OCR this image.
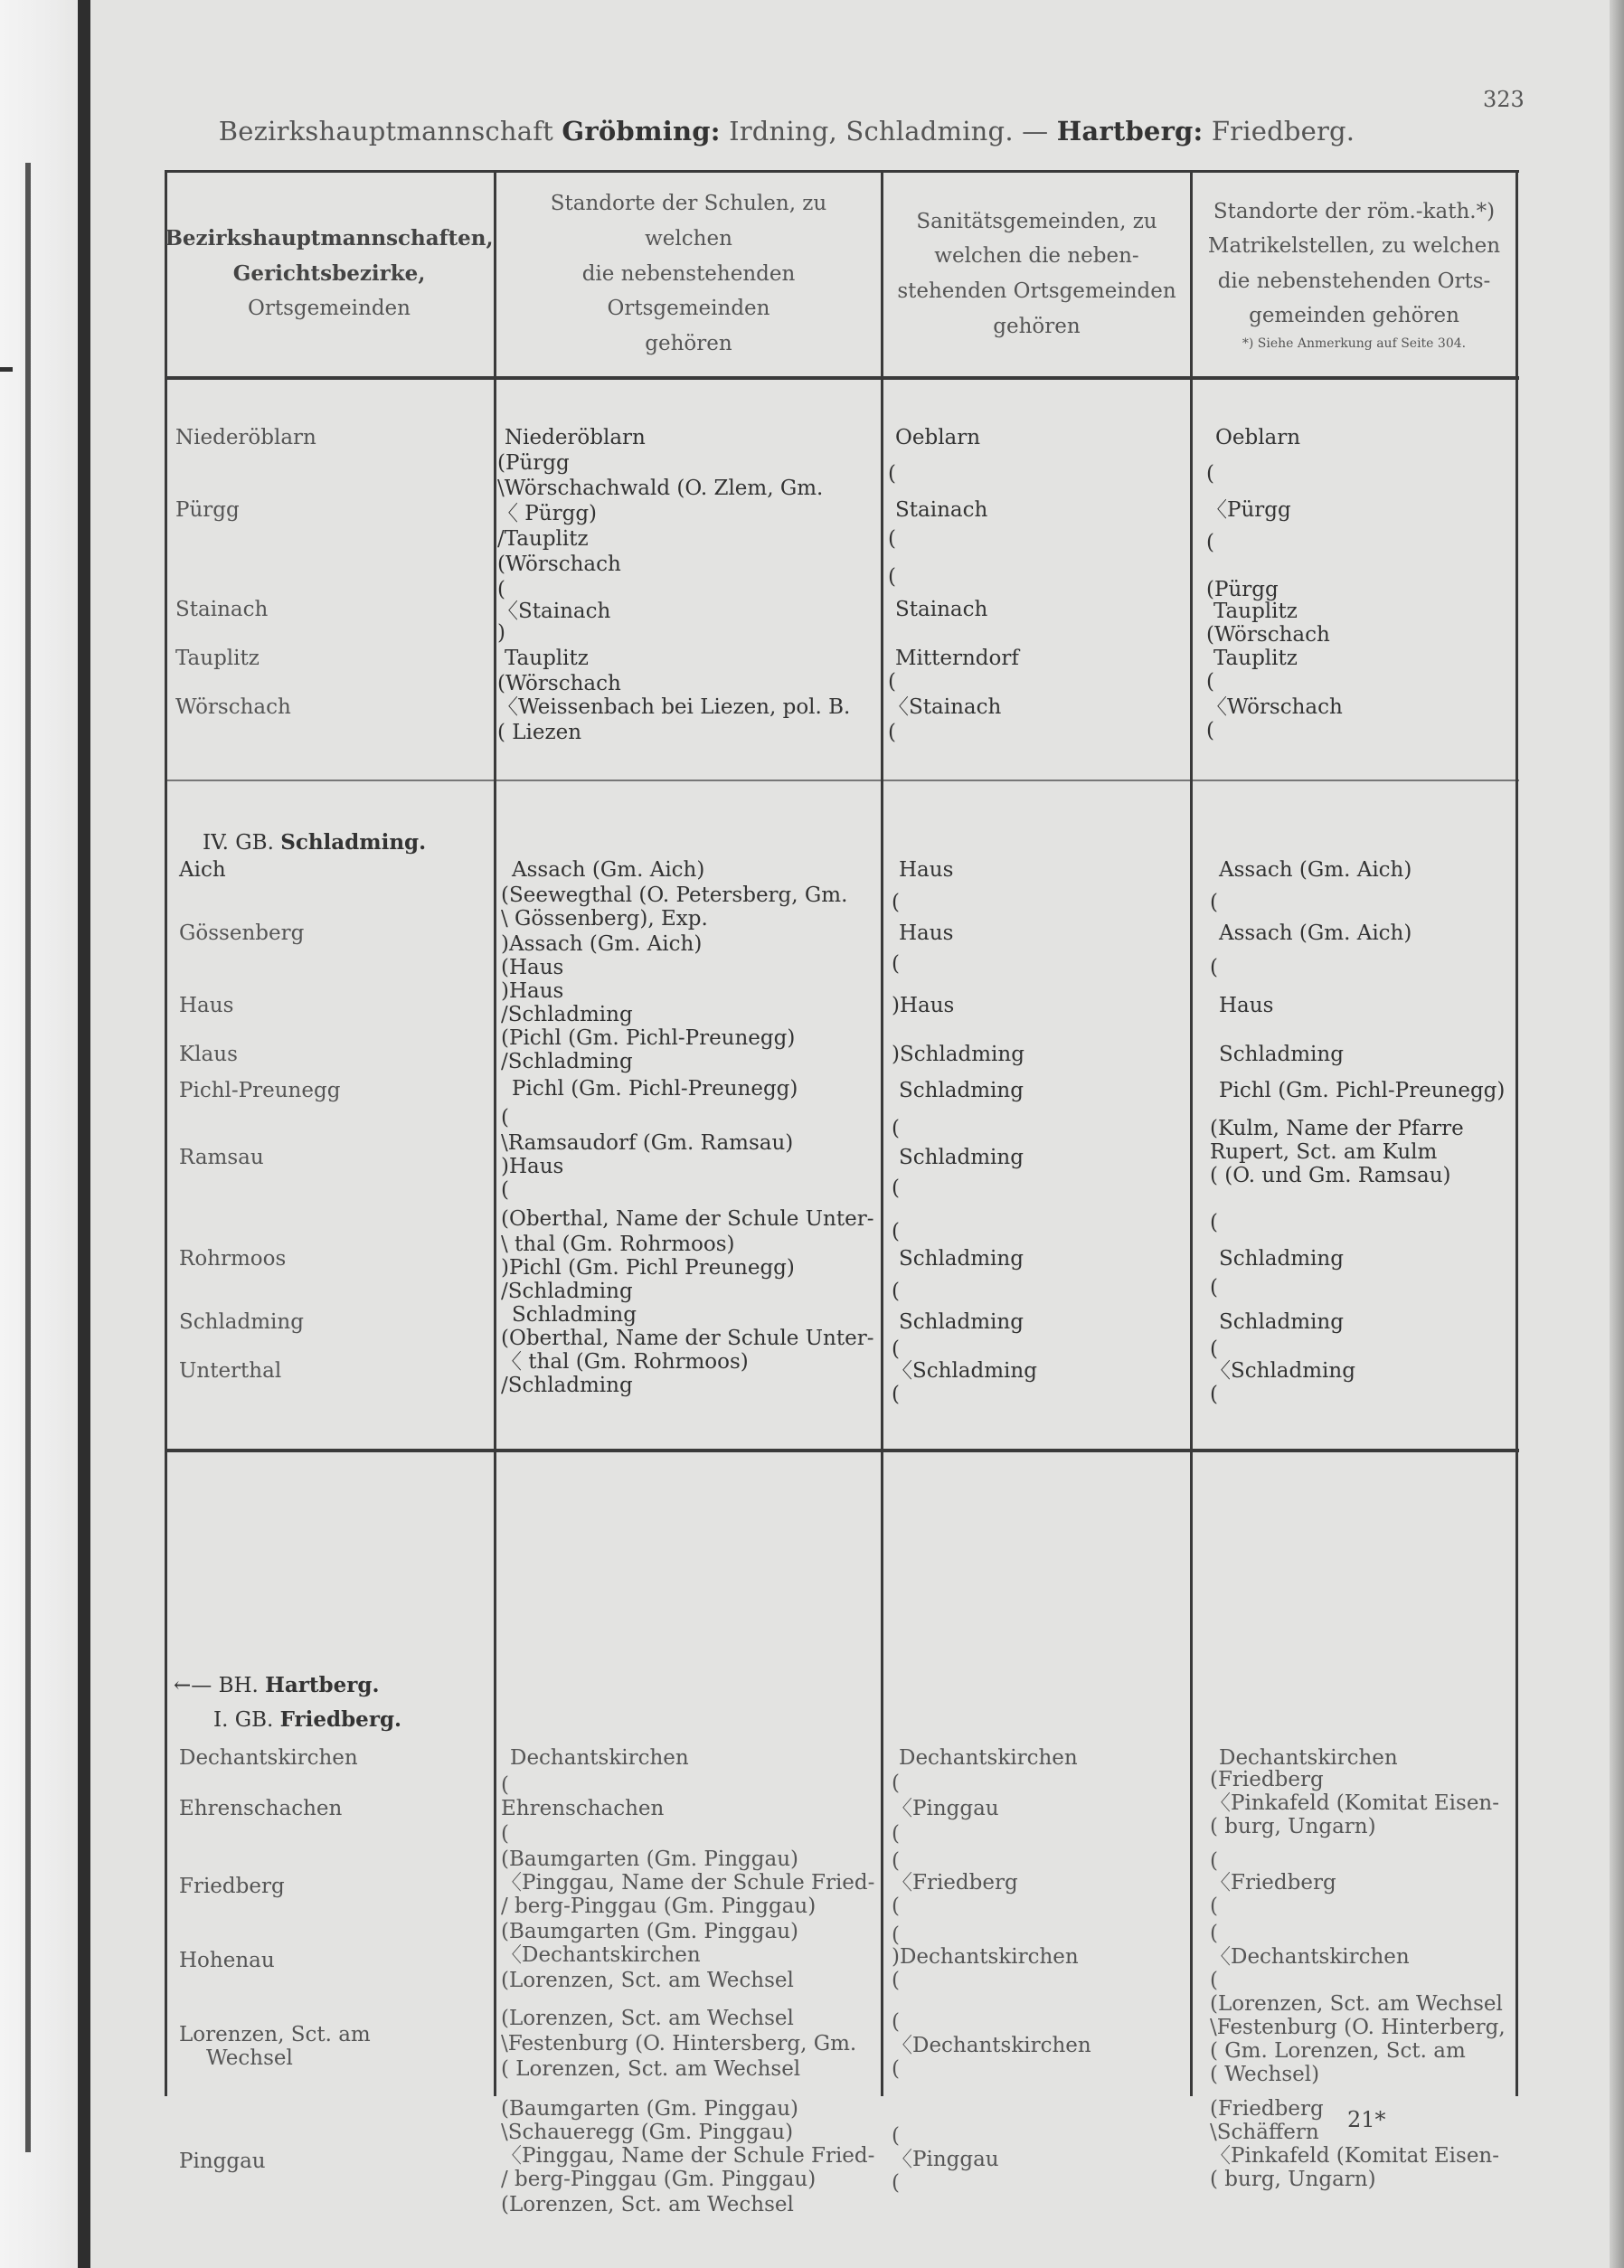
323
Bezirkshauptmannschaft Gröbming: Irdning, Schladming. — Hartberg: Friedberg.
Bezirkshauptmannschaften,
Gerichtsbezirke,
Ortsgemeinden
Standorte der Schulen, zu welchen
die nebenstehenden Ortsgemeinden
gehören
Sanitätsgemeinden, zu
welchen die neben-
stehenden Ortsgemeinden
gehören
Standorte der röm.-kath.*)
Matrikelstellen, zu welchen
die nebenstehenden Orts-
gemeinden gehören
*) Siehe Anmerkung auf Seite 304.
Niederöblarn
Pürgg
Stainach
Tauplitz
Wörschach
Niederöblarn
(Pürgg
\Wörschachwald (O. Zlem, Gm.
〈 Pürgg)
/Tauplitz
(Wörschach
(
〈Stainach
)
Tauplitz
(Wörschach
〈Weissenbach bei Liezen, pol. B.
( Liezen
Oeblarn
(
Stainach
(
(
Stainach
Mitterndorf
(
〈Stainach
(
Oeblarn
(
〈Pürgg
(
(Pürgg
Tauplitz
(Wörschach
Tauplitz
(
〈Wörschach
(
IV. GB. Schladming.
Aich
Gössenberg
Haus
Klaus
Pichl-Preunegg
Ramsau
Rohrmoos
Schladming
Unterthal
Assach (Gm. Aich)
(Seewegthal (O. Petersberg, Gm.
\ Gössenberg), Exp.
)Assach (Gm. Aich)
(Haus
)Haus
/Schladming
(Pichl (Gm. Pichl-Preunegg)
/Schladming
Pichl (Gm. Pichl-Preunegg)
(
\Ramsaudorf (Gm. Ramsau)
)Haus
(
(Oberthal, Name der Schule Unter-
\ thal (Gm. Rohrmoos)
)Pichl (Gm. Pichl Preunegg)
/Schladming
Schladming
(Oberthal, Name der Schule Unter-
〈 thal (Gm. Rohrmoos)
/Schladming
Haus
(
Haus
(
)Haus
)Schladming
Schladming
(
Schladming
(
(
Schladming
(
Schladming
(
〈Schladming
(
Assach (Gm. Aich)
(
Assach (Gm. Aich)
(
Haus
Schladming
Pichl (Gm. Pichl-Preunegg)
(Kulm, Name der Pfarre
Rupert, Sct. am Kulm
( (O. und Gm. Ramsau)
(
Schladming
(
Schladming
(
〈Schladming
(
←— BH. Hartberg.
I. GB. Friedberg.
Dechantskirchen
Ehrenschachen
Friedberg
Hohenau
Lorenzen, Sct. am
Wechsel
Pinggau
Dechantskirchen
(
Ehrenschachen
(
(Baumgarten (Gm. Pinggau)
〈Pinggau, Name der Schule Fried-
/ berg-Pinggau (Gm. Pinggau)
(Baumgarten (Gm. Pinggau)
〈Dechantskirchen
(Lorenzen, Sct. am Wechsel
(Lorenzen, Sct. am Wechsel
\Festenburg (O. Hintersberg, Gm.
( Lorenzen, Sct. am Wechsel
(Baumgarten (Gm. Pinggau)
\Schaueregg (Gm. Pinggau)
〈Pinggau, Name der Schule Fried-
/ berg-Pinggau (Gm. Pinggau)
(Lorenzen, Sct. am Wechsel
Dechantskirchen
(
〈Pinggau
(
(
〈Friedberg
(
(
)Dechantskirchen
(
(
〈Dechantskirchen
(
(
〈Pinggau
(
Dechantskirchen
(Friedberg
〈Pinkafeld (Komitat Eisen-
( burg, Ungarn)
(
〈Friedberg
(
(
〈Dechantskirchen
(
(Lorenzen, Sct. am Wechsel
\Festenburg (O. Hinterberg,
( Gm. Lorenzen, Sct. am
( Wechsel)
(Friedberg
\Schäffern
〈Pinkafeld (Komitat Eisen-
( burg, Ungarn)
21*
